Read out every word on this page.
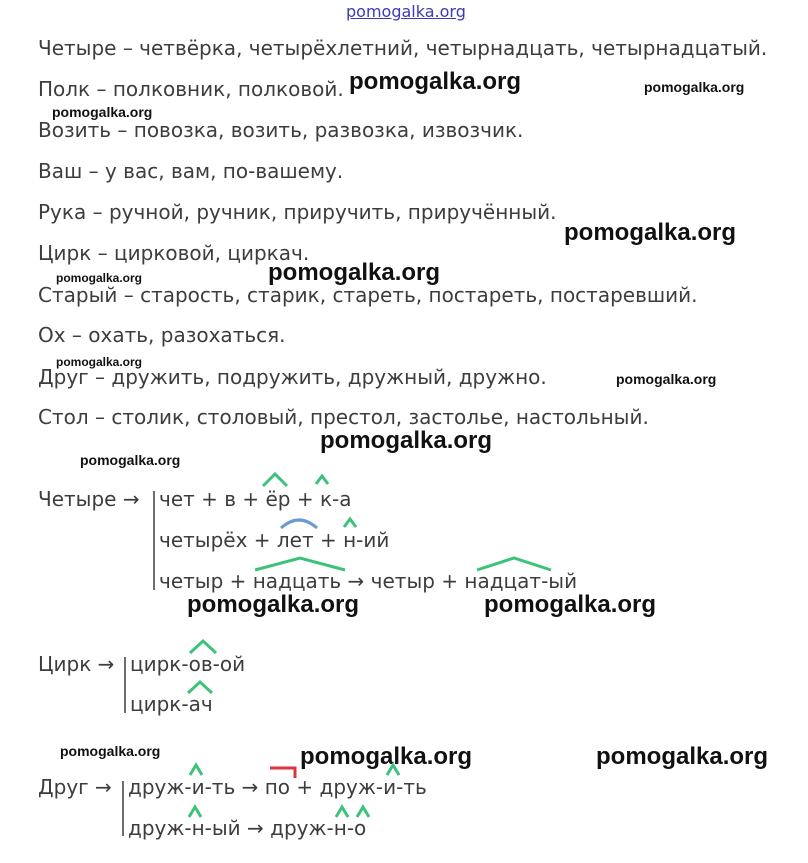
pomogalka.org
Четыре – четвёрка, четырёхлетний, четырнадцать, четырнадцатый.
Полк – полковник, полковой.
Возить – повозка, возить, развозка, извозчик.
Ваш – у вас, вам, по-вашему.
Рука – ручной, ручник, приручить, приручённый.
Цирк – цирковой, циркач.
Старый – старость, старик, стареть, постареть, постаревший.
Ох – охать, разохаться.
Друг – дружить, подружить, дружный, дружно.
Стол – столик, столовый, престол, застолье, настольный.
pomogalka.org	pomogalka.org
pomogalka.org
pomogalka.org
pomogalka.org
pomogalka.org
pomogalka.org
pomogalka.org
pomogalka.org
pomogalka.org
pomogalka.org	pomogalka.org
pomogalka.org	pomogalka.org	pomogalka.org
Четыре → чет + в + ёр + к-а
четырёх + лет + н-ий
четыр + надцать → четыр + надцат-ый
Цирк → цирк-ов-ой
цирк-ач
Друг → друж-и-ть → по + друж-и-ть
друж-н-ый → друж-н-о
